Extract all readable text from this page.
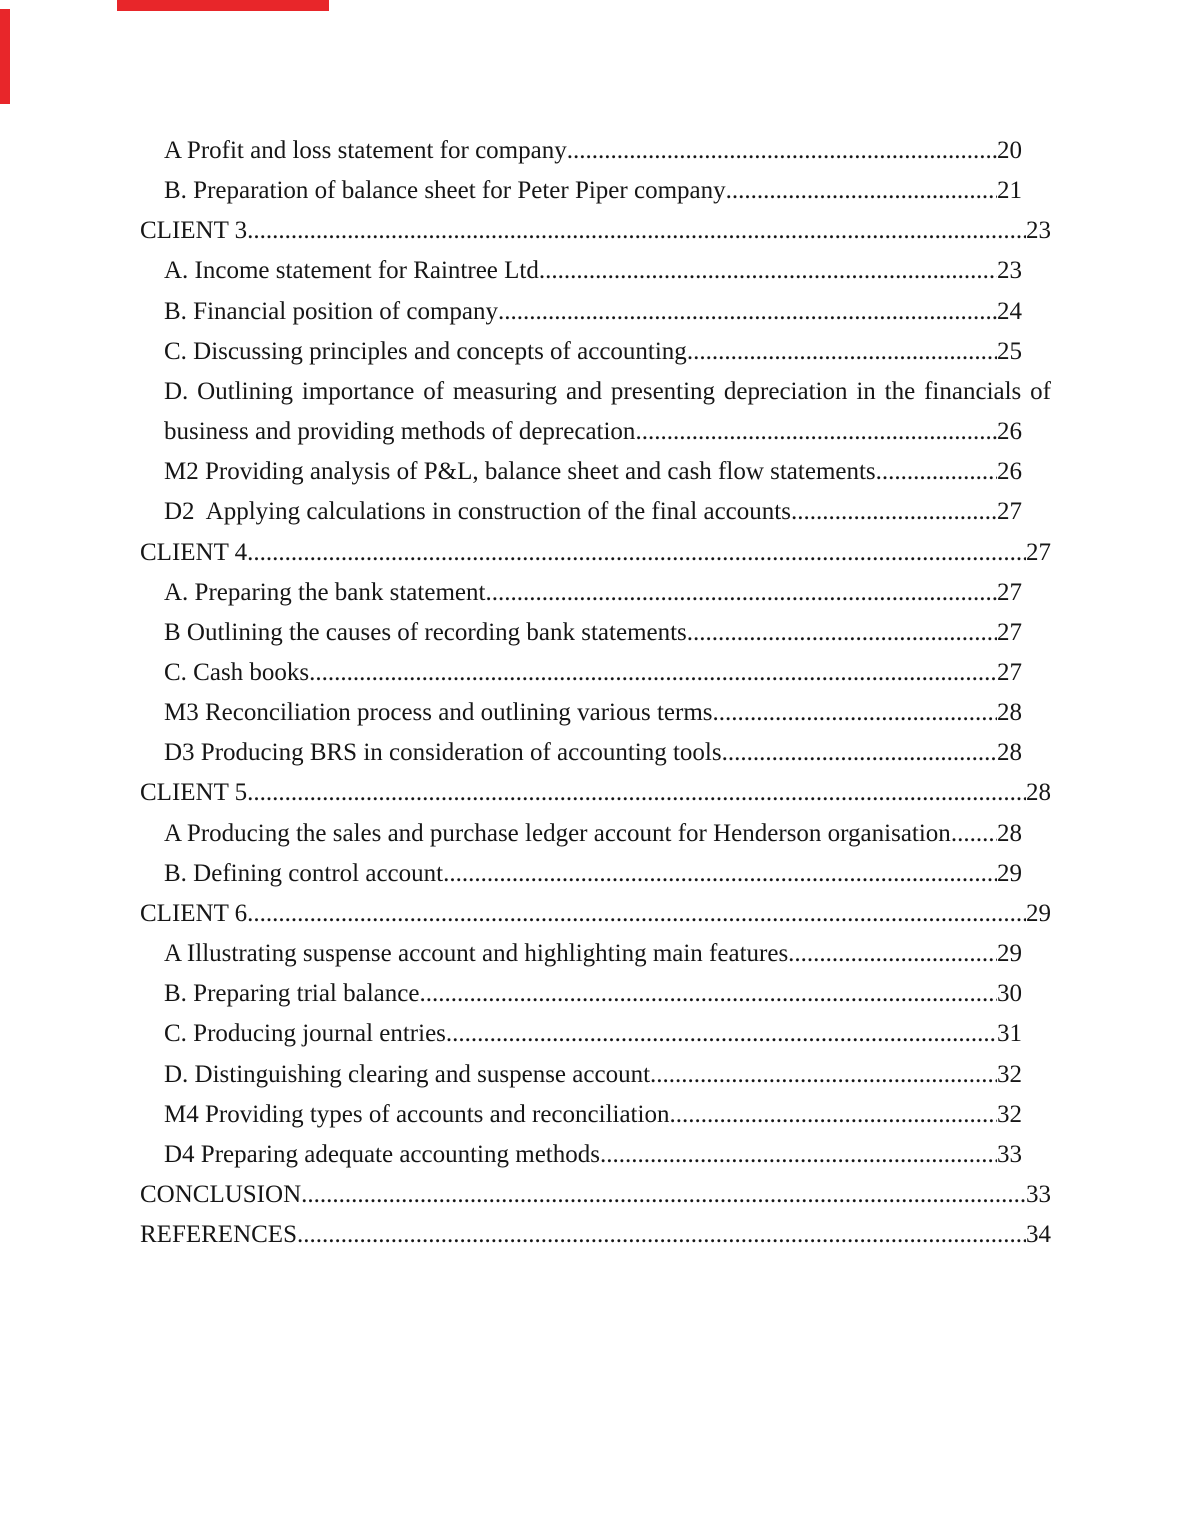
A Profit and loss statement for company .....	20
B. Preparation of balance sheet for Peter Piper company .....	21
CLIENT 3 .....	23
A. Income statement for Raintree Ltd .....	23
B. Financial position of company .....	24
C. Discussing principles and concepts of accounting .....	25
D. Outlining importance of measuring and presenting depreciation in the financials of
business and providing methods of deprecation .....	26
M2 Providing analysis of P&L, balance sheet and cash flow statements .....	26
D2  Applying calculations in construction of the final accounts .....	27
CLIENT 4 .....	27
A. Preparing the bank statement .....	27
B Outlining the causes of recording bank statements .....	27
C. Cash books .....	27
M3 Reconciliation process and outlining various terms .....	28
D3 Producing BRS in consideration of accounting tools .....	28
CLIENT 5 .....	28
A Producing the sales and purchase ledger account for Henderson organisation ..... 28
B. Defining control account .....	29
CLIENT 6 .....	29
A Illustrating suspense account and highlighting main features .....	29
B. Preparing trial balance .....	30
C. Producing journal entries .....	31
D. Distinguishing clearing and suspense account .....	32
M4 Providing types of accounts and reconciliation .....	32
D4 Preparing adequate accounting methods .....	33
CONCLUSION .....	33
REFERENCES .....	34
